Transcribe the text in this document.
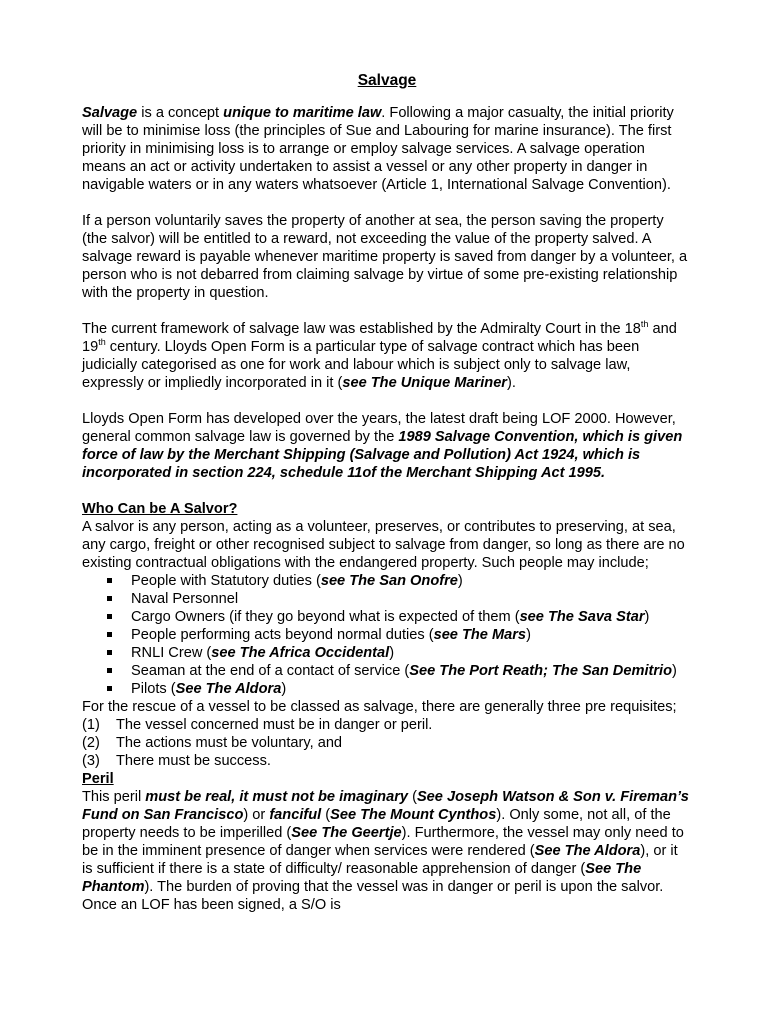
Salvage

Salvage is a concept unique to maritime law. Following a major casualty, the initial priority will be to minimise loss (the principles of Sue and Labouring for marine insurance). The first priority in minimising loss is to arrange or employ salvage services. A salvage operation means an act or activity undertaken to assist a vessel or any other property in danger in navigable waters or in any waters whatsoever (Article 1, International Salvage Convention).

If a person voluntarily saves the property of another at sea, the person saving the property (the salvor) will be entitled to a reward, not exceeding the value of the property salved. A salvage reward is payable whenever maritime property is saved from danger by a volunteer, a person who is not debarred from claiming salvage by virtue of some pre-existing relationship with the property in question.

The current framework of salvage law was established by the Admiralty Court in the 18th and 19th century. Lloyds Open Form is a particular type of salvage contract which has been judicially categorised as one for work and labour which is subject only to salvage law, expressly or impliedly incorporated in it (see The Unique Mariner).

Lloyds Open Form has developed over the years, the latest draft being LOF 2000. However, general common salvage law is governed by the 1989 Salvage Convention, which is given force of law by the Merchant Shipping (Salvage and Pollution) Act 1924, which is incorporated in section 224, schedule 11of the Merchant Shipping Act 1995.

Who Can be A Salvor?

A salvor is any person, acting as a volunteer, preserves, or contributes to preserving, at sea, any cargo, freight or other recognised subject to salvage from danger, so long as there are no existing contractual obligations with the endangered property. Such people may include;

People with Statutory duties (see The San Onofre)
Naval Personnel
Cargo Owners (if they go beyond what is expected of them (see The Sava Star)
People performing acts beyond normal duties (see The Mars)
RNLI Crew (see The Africa Occidental)
Seaman at the end of a contact of service (See The Port Reath; The San Demitrio)
Pilots (See The Aldora)

For the rescue of a vessel to be classed as salvage, there are generally three pre requisites;

(1) The vessel concerned must be in danger or peril.
(2) The actions must be voluntary, and
(3) There must be success.
Peril

This peril must be real, it must not be imaginary (See Joseph Watson & Son v. Fireman’s Fund on San Francisco) or fanciful (See The Mount Cynthos). Only some, not all, of the property needs to be imperilled (See The Geertje). Furthermore, the vessel may only need to be in the imminent presence of danger when services were rendered (See The Aldora), or it is sufficient if there is a state of difficulty/ reasonable apprehension of danger (See The Phantom). The burden of proving that the vessel was in danger or peril is upon the salvor. Once an LOF has been signed, a S/O is
